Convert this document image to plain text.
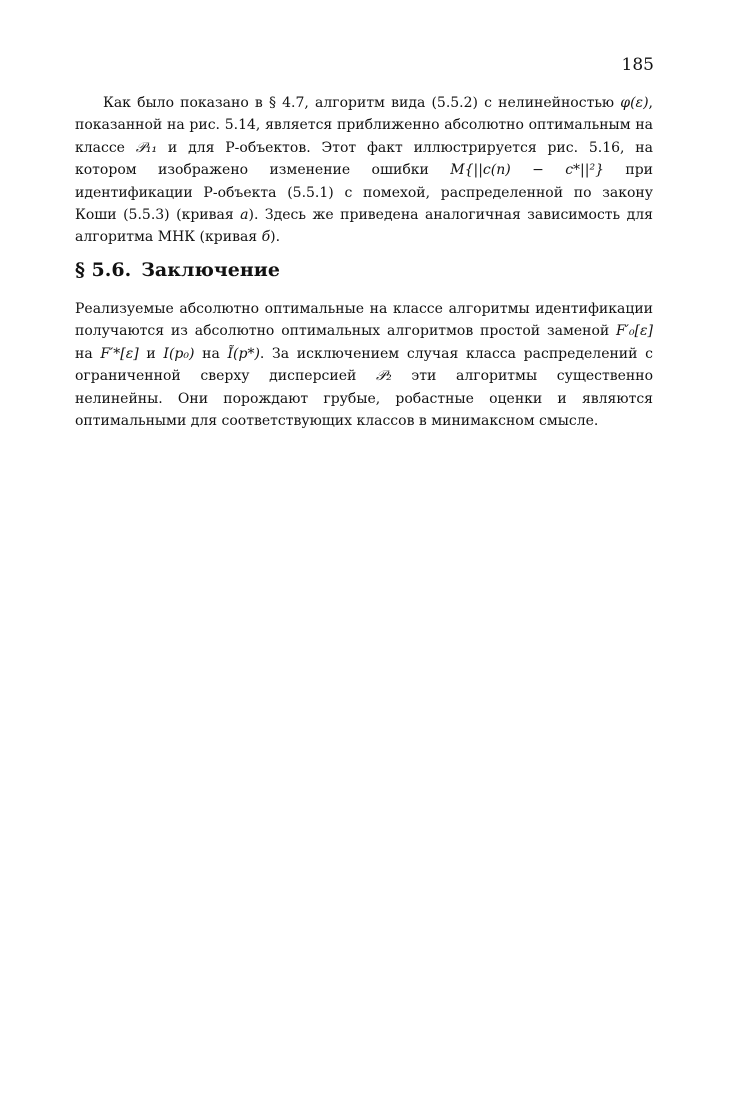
185

Как было показано в § 4.7, алгоритм вида (5.5.2) с нелинейностью φ(ε), показанной на рис. 5.14, является приближенно абсолютно оптимальным на классе 𝒫₁₁ и для Р-объектов. Этот факт иллюстрируется рис. 5.16, на котором изображено изменение ошибки M{||c(n) − c*||²} при идентификации Р-объекта (5.5.1) с помехой, распределенной по закону Коши (5.5.3) (кривая а). Здесь же приведена аналогичная зависимость для алгоритма МНК (кривая б).

§ 5.6. Заключение

Реализуемые абсолютно оптимальные на классе алгоритмы идентификации получаются из абсолютно оптимальных алгоритмов простой заменой F′₀[ε] на F′*[ε] и I(p₀) на Ĩ(p*). За исключением случая класса распределений с ограниченной сверху дисперсией 𝒫₂ эти алгоритмы существенно нелинейны. Они порождают грубые, робастные оценки и являются оптимальными для соответствующих классов в минимаксном смысле.
